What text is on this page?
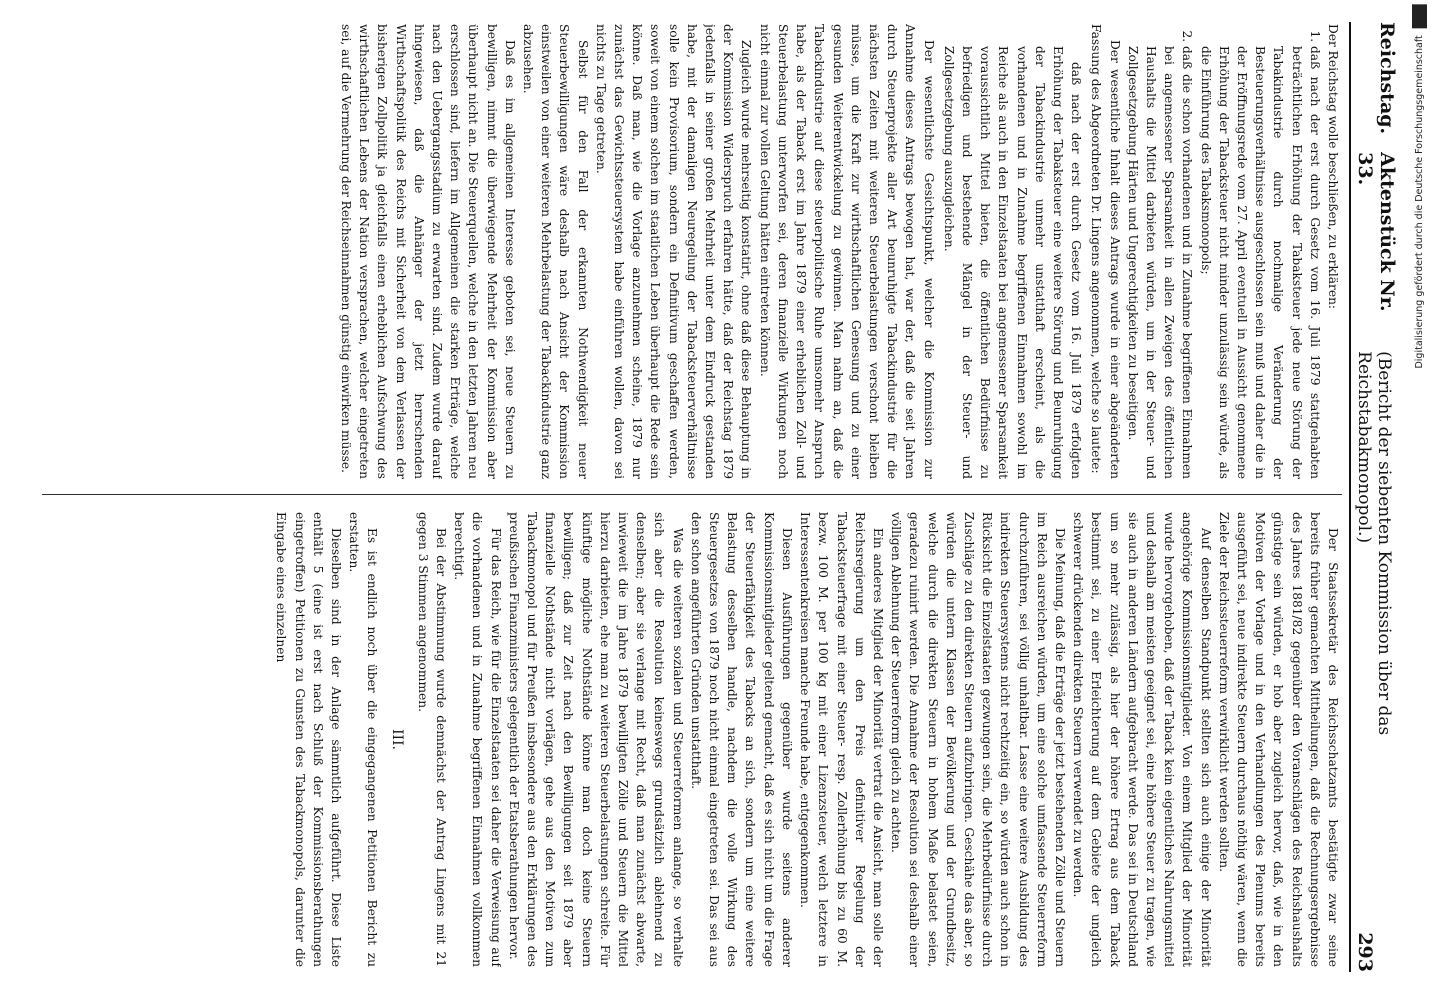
Reichstag.
Aktenstück Nr. 33.
(Bericht der siebenten Kommission über das Reichstabakmonopol.)
293

Der Reichstag wolle beschließen, zu erklären:

1. daß nach der erst durch Gesetz vom 16. Juli 1879 stattgehabten beträchtlichen Erhöhung der Tabaksteuer jede neue Störung der Tabakindustrie durch nochmalige Veränderung der Besteuerungsverhältnisse ausgeschlossen sein muß und daher die in der Eröffnungsrede vom 27. April eventuell in Aussicht genommene Erhöhung der Tabacksteuer nicht minder unzulässig sein würde, als die Einführung des Tabaksmonopols;
2. daß die schon vorhandenen und in Zunahme begriffenen Einnahmen bei angemessener Sparsamkeit in allen Zweigen des öffentlichen Haushalts die Mittel darbieten würden, um in der Steuer- und Zollgesetzgebung Härten und Ungerechtigkeiten zu beseitigen.

Der wesentliche Inhalt dieses Antrags wurde in einer abgeänderten Fassung des Abgeordneten Dr. Lingens angenommen, welche so lautete:

daß nach der erst durch Gesetz vom 16. Juli 1879 erfolgten Erhöhung der Tabaksteuer eine weitere Störung und Beunruhigung der Tabackindustrie unmehr unstatthaft erscheint, als die vorhandenen und in Zunahme begriffenen Einnahmen sowohl im Reiche als auch in den Einzelstaaten bei angemessener Sparsamkeit voraussichtlich Mittel bieten, die öffentlichen Bedürfnisse zu befriedigen und bestehende Mängel in der Steuer- und Zollgesetzgebung auszugleichen.

Der wesentlichste Gesichtspunkt, welcher die Kommission zur Annahme dieses Antrags bewogen hat, war der, daß die seit Jahren durch Steuerprojekte aller Art beunruhigte Tabackindustrie für die nächsten Zeiten mit weiteren Steuerbelastungen verschont bleiben müsse, um die Kraft zur wirthschaftlichen Genesung und zu einer gesunden Weiterentwickelung zu gewinnen. Man nahm an, daß die Tabackindustrie auf diese steuerpolitische Ruhe umsomehr Anspruch habe, als der Taback erst im Jahre 1879 einer erheblichen Zoll- und Steuerbelastung unterworfen sei, deren finanzielle Wirkungen noch nicht einmal zur vollen Geltung hätten eintreten können.

Zugleich wurde mehrseitig konstatirt, ohne daß diese Behauptung in der Kommission Widerspruch erfahren hätte, daß der Reichstag 1879 jedenfalls in seiner großen Mehrheit unter dem Eindruck gestanden habe, mit der damaligen Neuregelung der Tabacksteuerverhältnisse solle kein Provisorium, sondern ein Definitivum geschaffen werden, soweit von einem solchen im staatlichen Leben überhaupt die Rede sein könne. Daß man, wie die Vorlage anzunehmen scheine, 1879 nur zunächst das Gewichtssteuersystem habe einführen wollen, davon sei nichts zu Tage getreten.

Selbst für den Fall der erkannten Nothwendigkeit neuer Steuerbewilligungen wäre deshalb nach Ansicht der Kommission einstweilen von einer weiteren Mehrbelastung der Tabackindustrie ganz abzusehen.

Daß es im allgemeinen Interesse geboten sei, neue Steuern zu bewilligen, nimmt die überwiegende Mehrheit der Kommission aber überhaupt nicht an. Die Steuerquellen, welche in den letzten Jahren neu erschlossen sind, liefern im Allgemeinen die starken Erträge, welche nach den Uebergangsstadium zu erwarten sind. Zudem wurde darauf hingewiesen, daß die Anhänger der jetzt herrschenden Wirthschaftspolitik des Reichs mit Sicherheit von dem Verlassen der bisherigen Zollpolitik ja gleichfalls einen erheblichen Aufschwung des wirthschaftlichen Lebens der Nation versprachen, welcher eingetreten sei, auf die Vermehrung der Reichseinnahmen günstig einwirken müsse.

Der Staatssekretär des Reichsschatzamts bestätigte zwar seine bereits früher gemachten Mittheilungen, daß die Rechnungsergebnisse des Jahres 1881/82 gegenüber den Voranschlägen des Reichshaushalts günstige sein würden, er hob aber zugleich hervor, daß, wie in den Motiven der Vorlage und in den Verhandlungen des Plenums bereits ausgeführt sei, neue indirekte Steuern durchaus nöthig wären, wenn die Ziele der Reichssteuerreform verwirklicht werden sollten.

Auf denselben Standpunkt stellten sich auch einige der Minorität angehörige Kommissionsmitglieder. Von einem Mitglied der Minorität wurde hervorgehoben, daß der Taback kein eigentliches Nahrungsmittel und deshalb am meisten geeignet sei, eine höhere Steuer zu tragen, wie sie auch in anderen Ländern aufgebracht werde. Das sei in Deutschland um so mehr zulässig, als hier der höhere Ertrag aus dem Taback bestimmt sei, zu einer Erleichterung auf dem Gebiete der ungleich schwerer drückenden direkten Steuern verwendet zu werden.

Die Meinung, daß die Erträge der jetzt bestehenden Zölle und Steuern im Reich ausreichen würden, um eine solche umfassende Steuerreform durchzuführen, sei völlig unhaltbar. Lasse eine weitere Ausbildung des indirekten Steuersystems nicht rechtzeitig ein, so würden auch schon in Rücksicht die Einzelstaaten gezwungen sein, die Mehrbedürfnisse durch Zuschläge zu den direkten Steuern aufzubringen. Geschähe das aber, so würden die untern Klassen der Bevölkerung und der Grundbesitz, welche durch die direkten Steuern in hohem Maße belastet seien, geradezu ruinirt werden. Die Annahme der Resolution sei deshalb einer völligen Ablehnung der Steuerreform gleich zu achten.

Ein anderes Mitglied der Minorität vertrat die Ansicht, man solle der Reichsregierung um den Preis definitiver Regelung der Tabacksteuerfrage mit einer Steuer- resp. Zollerhöhung bis zu 60 M. bezw. 100 M. per 100 kg mit einer Lizenzsteuer, welch letztere in Interessentenkreisen manche Freunde habe, entgegenkommen.

Diesen Ausführungen gegenüber wurde seitens anderer Kommissionsmitglieder geltend gemacht, daß es sich nicht um die Frage der Steuerfähigkeit des Tabacks an sich, sondern um eine weitere Belastung desselben handle, nachdem die volle Wirkung des Steuergesetzes von 1879 noch nicht einmal eingetreten sei. Das sei aus den schon angeführten Gründen unstatthaft.

Was die weiteren sozialen und Steuerreformen anlange, so verhalte sich aber die Resolution keineswegs grundsätzlich ablehnend zu denselben; aber sie verlange mit Recht, daß man zunächst abwarte, inwieweit die im Jahre 1879 bewilligten Zölle und Steuern die Mittel hierzu darbieten, ehe man zu weiteren Steuerbelastungen schreite. Für künftige mögliche Nothstände könne man doch keine Steuern bewilligen; daß zur Zeit nach den Bewilligungen seit 1879 aber finanzielle Nothstände nicht vorlägen, gehe aus den Motiven zum Tabackmonopol und für Preußen insbesondere aus den Erklärungen des preußischen Finanzministers gelegentlich der Etatsberathungen hervor.

Für das Reich, wie für die Einzelstaaten sei daher die Verweisung auf die vorhandenen und in Zunahme begriffenen Einnahmen vollkommen berechtigt.

Bei der Abstimmung wurde demnächst der Antrag Lingens mit 21 gegen 3 Stimmen angenommen.

III.

Es ist endlich noch über die eingegangenen Petitionen Bericht zu erstatten.

Dieselben sind in der Anlage sämmtlich aufgeführt. Diese Liste enthält 5 (eine ist erst nach Schluß der Kommissionsberathungen eingetroffen) Petitionen zu Gunsten des Tabackmonopols, darunter die Eingabe eines einzelnen

Digitalisierung gefördert durch die Deutsche Forschungsgemeinschaft DFG
